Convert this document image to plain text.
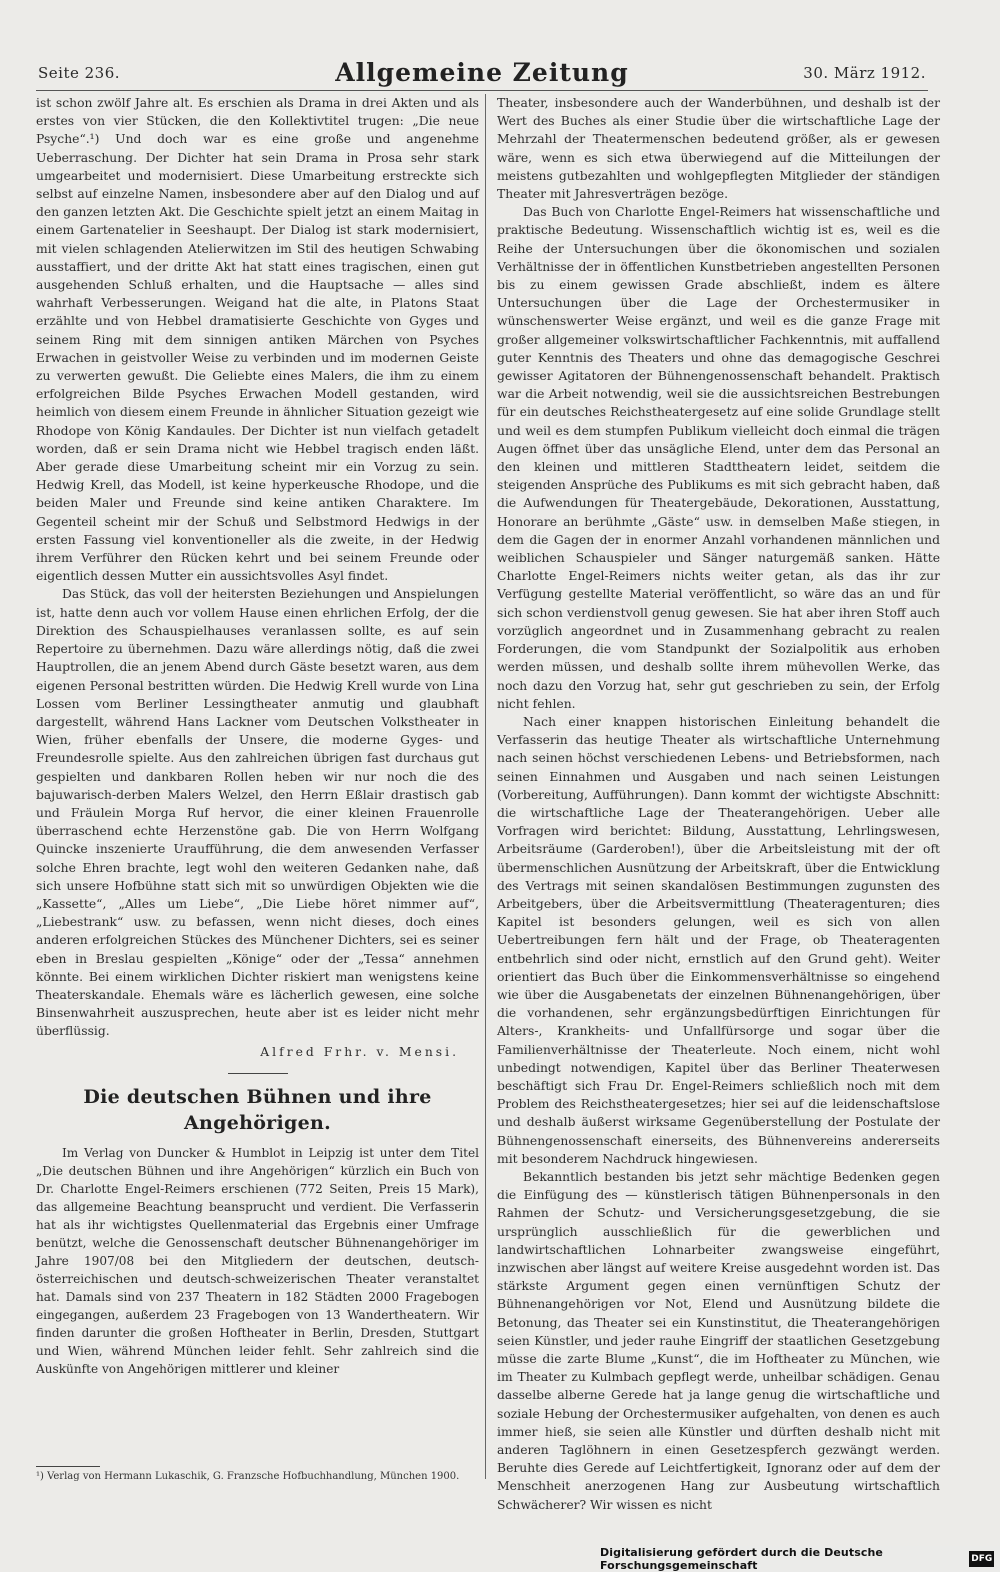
Seite 236.	Allgemeine Zeitung	30. März 1912.

ist schon zwölf Jahre alt. Es erschien als Drama in drei Akten und als erstes von vier Stücken, die den Kollektivtitel trugen: „Die neue Psyche“.¹) Und doch war es eine große und angenehme Ueberraschung. Der Dichter hat sein Drama in Prosa sehr stark umgearbeitet und modernisiert. Diese Umarbeitung erstreckte sich selbst auf einzelne Namen, insbesondere aber auf den Dialog und auf den ganzen letzten Akt. Die Geschichte spielt jetzt an einem Maitag in einem Gartenatelier in Seeshaupt. Der Dialog ist stark modernisiert, mit vielen schlagenden Atelierwitzen im Stil des heutigen Schwabing ausstaffiert, und der dritte Akt hat statt eines tragischen, einen gut ausgehenden Schluß erhalten, und die Hauptsache — alles sind wahrhaft Verbesserungen. Weigand hat die alte, in Platons Staat erzählte und von Hebbel dramatisierte Geschichte von Gyges und seinem Ring mit dem sinnigen antiken Märchen von Psyches Erwachen in geistvoller Weise zu verbinden und im modernen Geiste zu verwerten gewußt. Die Geliebte eines Malers, die ihm zu einem erfolgreichen Bilde Psyches Erwachen Modell gestanden, wird heimlich von diesem einem Freunde in ähnlicher Situation gezeigt wie Rhodope von König Kandaules. Der Dichter ist nun vielfach getadelt worden, daß er sein Drama nicht wie Hebbel tragisch enden läßt. Aber gerade diese Umarbeitung scheint mir ein Vorzug zu sein. Hedwig Krell, das Modell, ist keine hyperkeusche Rhodope, und die beiden Maler und Freunde sind keine antiken Charaktere. Im Gegenteil scheint mir der Schuß und Selbstmord Hedwigs in der ersten Fassung viel konventioneller als die zweite, in der Hedwig ihrem Verführer den Rücken kehrt und bei seinem Freunde oder eigentlich dessen Mutter ein aussichtsvolles Asyl findet.

Das Stück, das voll der heitersten Beziehungen und Anspielungen ist, hatte denn auch vor vollem Hause einen ehrlichen Erfolg, der die Direktion des Schauspielhauses veranlassen sollte, es auf sein Repertoire zu übernehmen. Dazu wäre allerdings nötig, daß die zwei Hauptrollen, die an jenem Abend durch Gäste besetzt waren, aus dem eigenen Personal bestritten würden. Die Hedwig Krell wurde von Lina Lossen vom Berliner Lessingtheater anmutig und glaubhaft dargestellt, während Hans Lackner vom Deutschen Volkstheater in Wien, früher ebenfalls der Unsere, die moderne Gyges- und Freundesrolle spielte. Aus den zahlreichen übrigen fast durchaus gut gespielten und dankbaren Rollen heben wir nur noch die des bajuwarisch-derben Malers Welzel, den Herrn Eßlair drastisch gab und Fräulein Morga Ruf hervor, die einer kleinen Frauenrolle überraschend echte Herzenstöne gab. Die von Herrn Wolfgang Quincke inszenierte Uraufführung, die dem anwesenden Verfasser solche Ehren brachte, legt wohl den weiteren Gedanken nahe, daß sich unsere Hofbühne statt sich mit so unwürdigen Objekten wie die „Kassette“, „Alles um Liebe“, „Die Liebe höret nimmer auf“, „Liebestrank“ usw. zu befassen, wenn nicht dieses, doch eines anderen erfolgreichen Stückes des Münchener Dichters, sei es seiner eben in Breslau gespielten „Könige“ oder der „Tessa“ annehmen könnte. Bei einem wirklichen Dichter riskiert man wenigstens keine Theaterskandale. Ehemals wäre es lächerlich gewesen, eine solche Binsenwahrheit auszusprechen, heute aber ist es leider nicht mehr überflüssig.

Alfred Frhr. v. Mensi.
Die deutschen Bühnen und ihre Angehörigen.

Im Verlag von Duncker & Humblot in Leipzig ist unter dem Titel „Die deutschen Bühnen und ihre Angehörigen“ kürzlich ein Buch von Dr. Charlotte Engel-Reimers erschienen (772 Seiten, Preis 15 Mark), das allgemeine Beachtung beansprucht und verdient. Die Verfasserin hat als ihr wichtigstes Quellenmaterial das Ergebnis einer Umfrage benützt, welche die Genossenschaft deutscher Bühnenangehöriger im Jahre 1907/08 bei den Mitgliedern der deutschen, deutsch-österreichischen und deutsch-schweizerischen Theater veranstaltet hat. Damals sind von 237 Theatern in 182 Städten 2000 Fragebogen eingegangen, außerdem 23 Fragebogen von 13 Wandertheatern. Wir finden darunter die großen Hoftheater in Berlin, Dresden, Stuttgart und Wien, während München leider fehlt. Sehr zahlreich sind die Auskünfte von Angehörigen mittlerer und kleiner

¹) Verlag von Hermann Lukaschik, G. Franzsche Hofbuchhandlung, München 1900.

Theater, insbesondere auch der Wanderbühnen, und deshalb ist der Wert des Buches als einer Studie über die wirtschaftliche Lage der Mehrzahl der Theatermenschen bedeutend größer, als er gewesen wäre, wenn es sich etwa überwiegend auf die Mitteilungen der meistens gutbezahlten und wohlgepflegten Mitglieder der ständigen Theater mit Jahresverträgen bezöge.

Das Buch von Charlotte Engel-Reimers hat wissenschaftliche und praktische Bedeutung. Wissenschaftlich wichtig ist es, weil es die Reihe der Untersuchungen über die ökonomischen und sozialen Verhältnisse der in öffentlichen Kunstbetrieben angestellten Personen bis zu einem gewissen Grade abschließt, indem es ältere Untersuchungen über die Lage der Orchestermusiker in wünschenswerter Weise ergänzt, und weil es die ganze Frage mit großer allgemeiner volkswirtschaftlicher Fachkenntnis, mit auffallend guter Kenntnis des Theaters und ohne das demagogische Geschrei gewisser Agitatoren der Bühnengenossenschaft behandelt. Praktisch war die Arbeit notwendig, weil sie die aussichtsreichen Bestrebungen für ein deutsches Reichstheatergesetz auf eine solide Grundlage stellt und weil es dem stumpfen Publikum vielleicht doch einmal die trägen Augen öffnet über das unsägliche Elend, unter dem das Personal an den kleinen und mittleren Stadttheatern leidet, seitdem die steigenden Ansprüche des Publikums es mit sich gebracht haben, daß die Aufwendungen für Theatergebäude, Dekorationen, Ausstattung, Honorare an berühmte „Gäste“ usw. in demselben Maße stiegen, in dem die Gagen der in enormer Anzahl vorhandenen männlichen und weiblichen Schauspieler und Sänger naturgemäß sanken. Hätte Charlotte Engel-Reimers nichts weiter getan, als das ihr zur Verfügung gestellte Material veröffentlicht, so wäre das an und für sich schon verdienstvoll genug gewesen. Sie hat aber ihren Stoff auch vorzüglich angeordnet und in Zusammenhang gebracht zu realen Forderungen, die vom Standpunkt der Sozialpolitik aus erhoben werden müssen, und deshalb sollte ihrem mühevollen Werke, das noch dazu den Vorzug hat, sehr gut geschrieben zu sein, der Erfolg nicht fehlen.

Nach einer knappen historischen Einleitung behandelt die Verfasserin das heutige Theater als wirtschaftliche Unternehmung nach seinen höchst verschiedenen Lebens- und Betriebsformen, nach seinen Einnahmen und Ausgaben und nach seinen Leistungen (Vorbereitung, Aufführungen). Dann kommt der wichtigste Abschnitt: die wirtschaftliche Lage der Theaterangehörigen. Ueber alle Vorfragen wird berichtet: Bildung, Ausstattung, Lehrlingswesen, Arbeitsräume (Garderoben!), über die Arbeitsleistung mit der oft übermenschlichen Ausnützung der Arbeitskraft, über die Entwicklung des Vertrags mit seinen skandalösen Bestimmungen zugunsten des Arbeitgebers, über die Arbeitsvermittlung (Theateragenturen; dies Kapitel ist besonders gelungen, weil es sich von allen Uebertreibungen fern hält und der Frage, ob Theateragenten entbehrlich sind oder nicht, ernstlich auf den Grund geht). Weiter orientiert das Buch über die Einkommensverhältnisse so eingehend wie über die Ausgabenetats der einzelnen Bühnenangehörigen, über die vorhandenen, sehr ergänzungsbedürftigen Einrichtungen für Alters-, Krankheits- und Unfallfürsorge und sogar über die Familienverhältnisse der Theaterleute. Noch einem, nicht wohl unbedingt notwendigen, Kapitel über das Berliner Theaterwesen beschäftigt sich Frau Dr. Engel-Reimers schließlich noch mit dem Problem des Reichstheatergesetzes; hier sei auf die leidenschaftslose und deshalb äußerst wirksame Gegenüberstellung der Postulate der Bühnengenossenschaft einerseits, des Bühnenvereins andererseits mit besonderem Nachdruck hingewiesen.

Bekanntlich bestanden bis jetzt sehr mächtige Bedenken gegen die Einfügung des — künstlerisch tätigen Bühnenpersonals in den Rahmen der Schutz- und Versicherungsgesetzgebung, die sie ursprünglich ausschließlich für die gewerblichen und landwirtschaftlichen Lohnarbeiter zwangsweise eingeführt, inzwischen aber längst auf weitere Kreise ausgedehnt worden ist. Das stärkste Argument gegen einen vernünftigen Schutz der Bühnenangehörigen vor Not, Elend und Ausnützung bildete die Betonung, das Theater sei ein Kunstinstitut, die Theaterangehörigen seien Künstler, und jeder rauhe Eingriff der staatlichen Gesetzgebung müsse die zarte Blume „Kunst“, die im Hoftheater zu München, wie im Theater zu Kulmbach gepflegt werde, unheilbar schädigen. Genau dasselbe alberne Gerede hat ja lange genug die wirtschaftliche und soziale Hebung der Orchestermusiker aufgehalten, von denen es auch immer hieß, sie seien alle Künstler und dürften deshalb nicht mit anderen Taglöhnern in einen Gesetzespferch gezwängt werden. Beruhte dies Gerede auf Leichtfertigkeit, Ignoranz oder auf dem der Menschheit anerzogenen Hang zur Ausbeutung wirtschaftlich Schwächerer? Wir wissen es nicht

Digitalisierung gefördert durch die Deutsche Forschungsgemeinschaft	DFG
